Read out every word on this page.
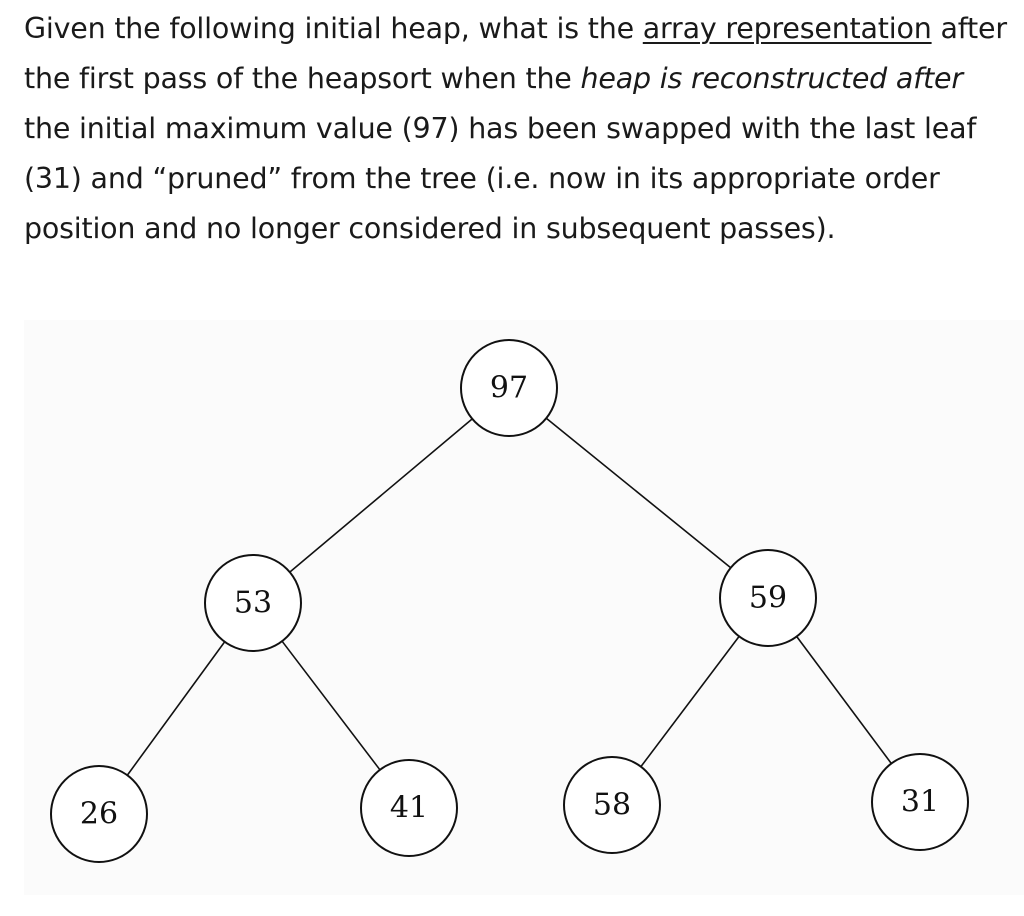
Given the following initial heap, what is the array representation after the first pass of the heapsort when the heap is reconstructed after the initial maximum value (97) has been swapped with the last leaf (31) and “pruned” from the tree (i.e. now in its appropriate order position and no longer considered in subsequent passes).
97
53	59
26	41	58	31
